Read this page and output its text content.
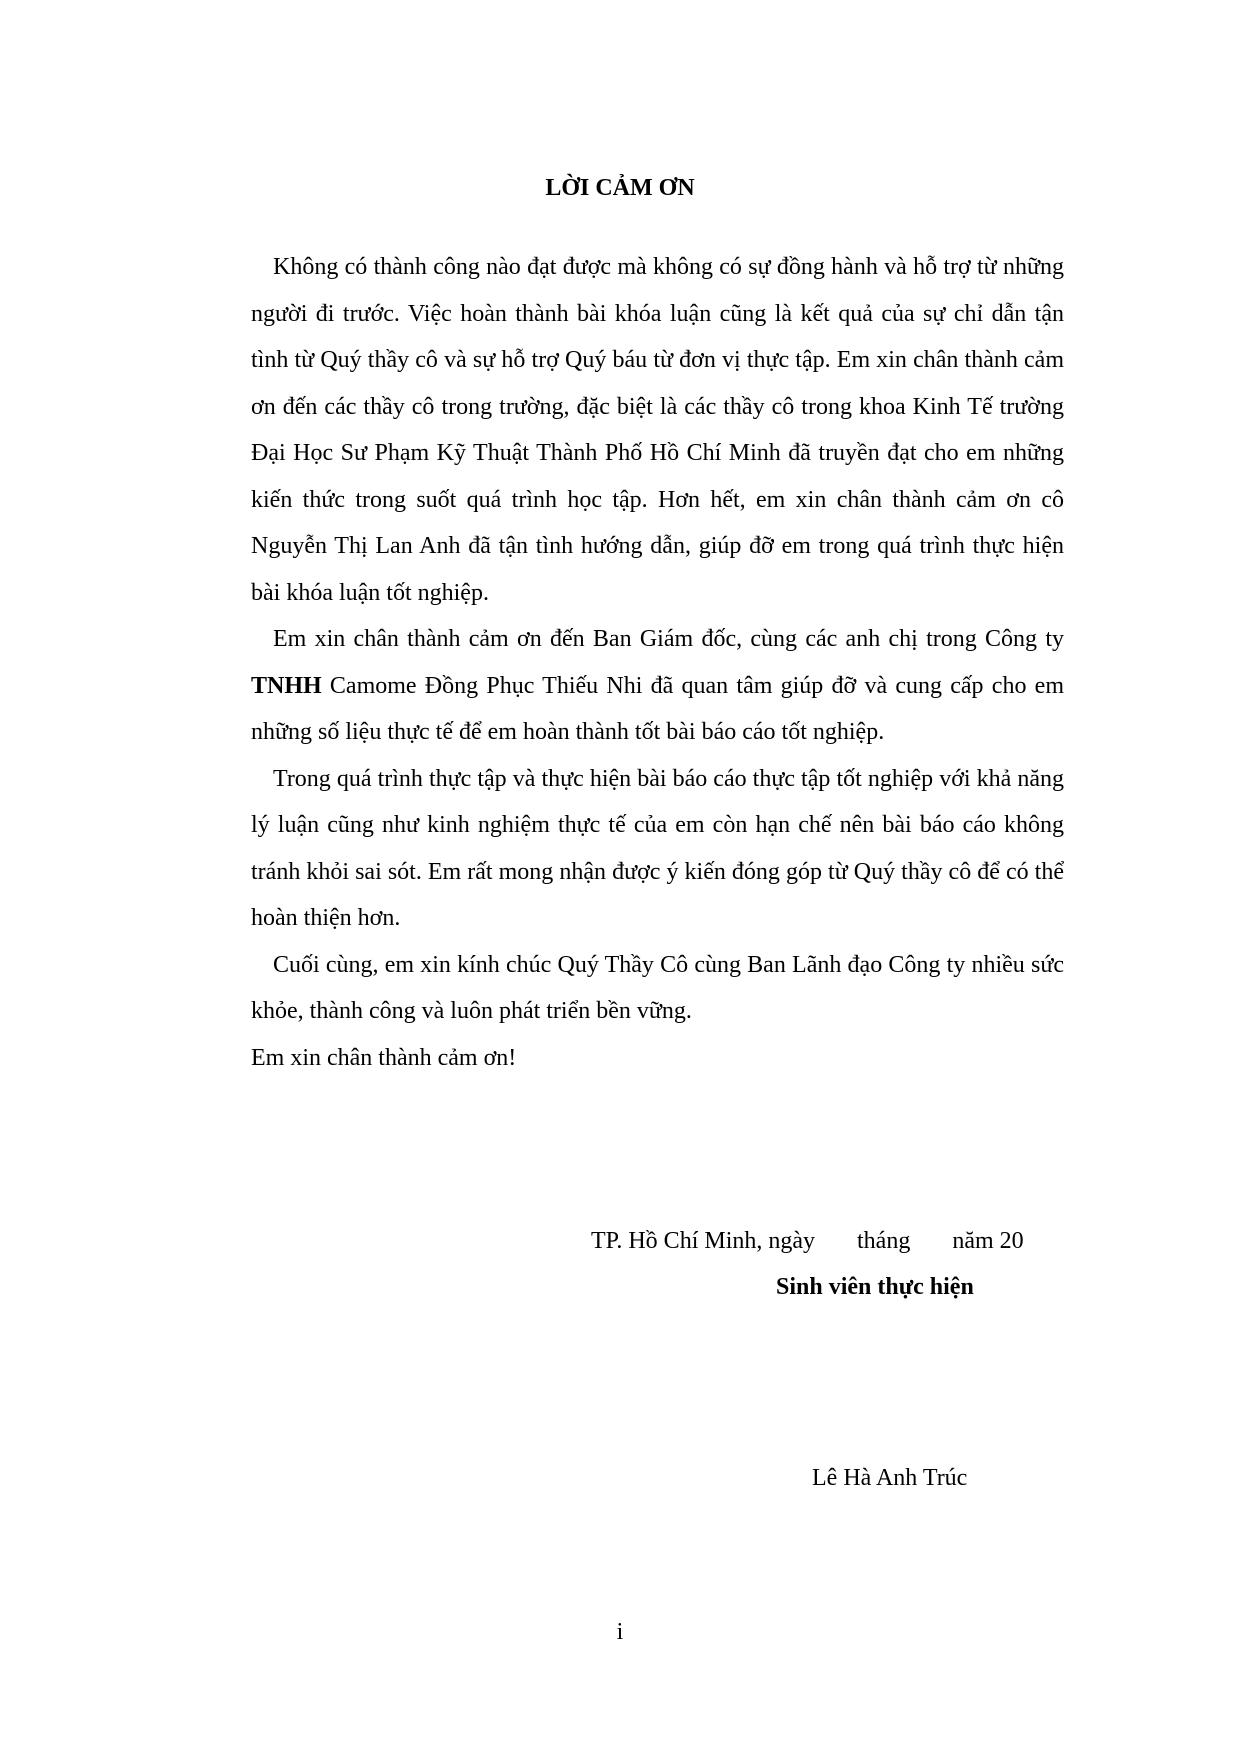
LỜI CẢM ƠN

Không có thành công nào đạt được mà không có sự đồng hành và hỗ trợ từ những người đi trước. Việc hoàn thành bài khóa luận cũng là kết quả của sự chỉ dẫn tận tình từ Quý thầy cô và sự hỗ trợ Quý báu từ đơn vị thực tập. Em xin chân thành cảm ơn đến các thầy cô trong trường, đặc biệt là các thầy cô trong khoa Kinh Tế trường Đại Học Sư Phạm Kỹ Thuật Thành Phố Hồ Chí Minh đã truyền đạt cho em những kiến thức trong suốt quá trình học tập. Hơn hết, em xin chân thành cảm ơn cô Nguyễn Thị Lan Anh đã tận tình hướng dẫn, giúp đỡ em trong quá trình thực hiện bài khóa luận tốt nghiệp.

Em xin chân thành cảm ơn đến Ban Giám đốc, cùng các anh chị trong Công ty TNHH Camome Đồng Phục Thiếu Nhi đã quan tâm giúp đỡ và cung cấp cho em những số liệu thực tế để em hoàn thành tốt bài báo cáo tốt nghiệp.

Trong quá trình thực tập và thực hiện bài báo cáo thực tập tốt nghiệp với khả năng lý luận cũng như kinh nghiệm thực tế của em còn hạn chế nên bài báo cáo không tránh khỏi sai sót. Em rất mong nhận được ý kiến đóng góp từ Quý thầy cô để có thể hoàn thiện hơn.

Cuối cùng, em xin kính chúc Quý Thầy Cô cùng Ban Lãnh đạo Công ty nhiều sức khỏe, thành công và luôn phát triển bền vững.

Em xin chân thành cảm ơn!

TP. Hồ Chí Minh, ngày       tháng       năm 20
Sinh viên thực hiện
Lê Hà Anh Trúc
i
